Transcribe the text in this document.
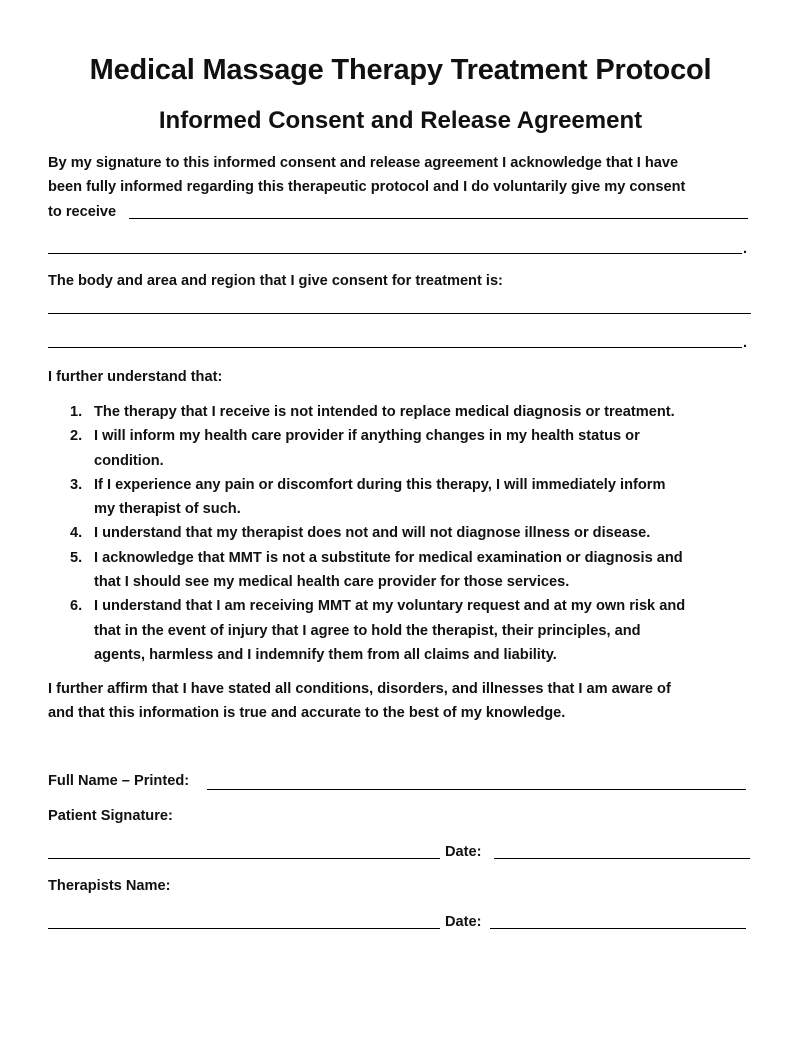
Medical Massage Therapy Treatment Protocol
Informed Consent and Release Agreement
By my signature to this informed consent and release agreement I acknowledge that I have
been fully informed regarding this therapeutic protocol and I do voluntarily give my consent
to receive
.
The body and area and region that I give consent for treatment is:
.
I further understand that:
1. The therapy that I receive is not intended to replace medical diagnosis or treatment.
2. I will inform my health care provider if anything changes in my health status or
condition.
3. If I experience any pain or discomfort during this therapy, I will immediately inform
my therapist of such.
4. I understand that my therapist does not and will not diagnose illness or disease.
5. I acknowledge that MMT is not a substitute for medical examination or diagnosis and
that I should see my medical health care provider for those services.
6. I understand that I am receiving MMT at my voluntary request and at my own risk and
that in the event of injury that I agree to hold the therapist, their principles, and
agents, harmless and I indemnify them from all claims and liability.
I further affirm that I have stated all conditions, disorders, and illnesses that I am aware of
and that this information is true and accurate to the best of my knowledge.
Full Name – Printed:
Patient Signature:
Date:
Therapists Name:
Date:
